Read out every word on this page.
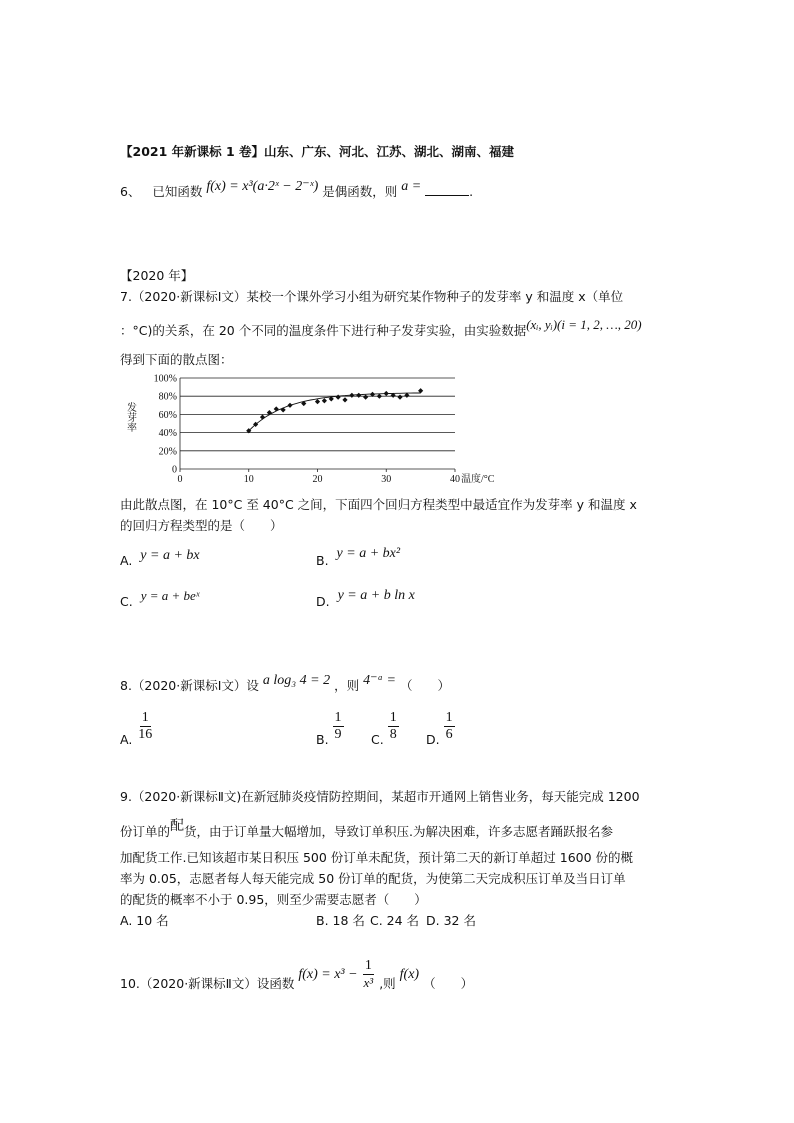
【2021 年新课标 1 卷】山东、广东、河北、江苏、湖北、湖南、福建
6、 已知函数 f(x) = x³(a·2ˣ − 2⁻ˣ) 是偶函数，则 a =	.
【2020 年】
7.（2020·新课标Ⅰ文）某校一个课外学习小组为研究某作物种子的发芽率 y 和温度 x（单位
：°C)的关系，在 20 个不同的温度条件下进行种子发芽实验，由实验数据(xᵢ, yᵢ)(i = 1, 2, …, 20)
得到下面的散点图：
0
20%
40%
60%
80%
100%
0	10	20	30	40
发芽率
温度/°C
由此散点图，在 10°C 至 40°C 之间，下面四个回归方程类型中最适宜作为发芽率 y 和温度 x
的回归方程类型的是（　　）
A. y = a + bx	B. y = a + bx²
C. y = a + beˣ	D. y = a + b ln x
8.（2020·新课标Ⅰ文）设 a log₃ 4 = 2 ，则 4⁻ᵃ = （　　）
A. $\frac{1}{16}$	B. $\frac{1}{9} C$. $\frac{1}{8} D$. $\frac{1}{6}$
9.（2020·新课标Ⅱ文)在新冠肺炎疫情防控期间，某超市开通网上销售业务，每天能完成 1200
份订单的配货，由于订单量大幅增加，导致订单积压.为解决困难，许多志愿者踊跃报名参
加配货工作.已知该超市某日积压 500 份订单未配货，预计第二天的新订单超过 1600 份的概
率为 0.05，志愿者每人每天能完成 50 份订单的配货，为使第二天完成积压订单及当日订单
的配货的概率不小于 0.95，则至少需要志愿者（　　）
A. 10 名	B. 18 名 C. 24 名 D. 32 名
10.（2020·新课标Ⅱ文）设函数 $f(x) = x^3 - \frac{1}{\text{x³}}$ ,则 f(x) （　　）
